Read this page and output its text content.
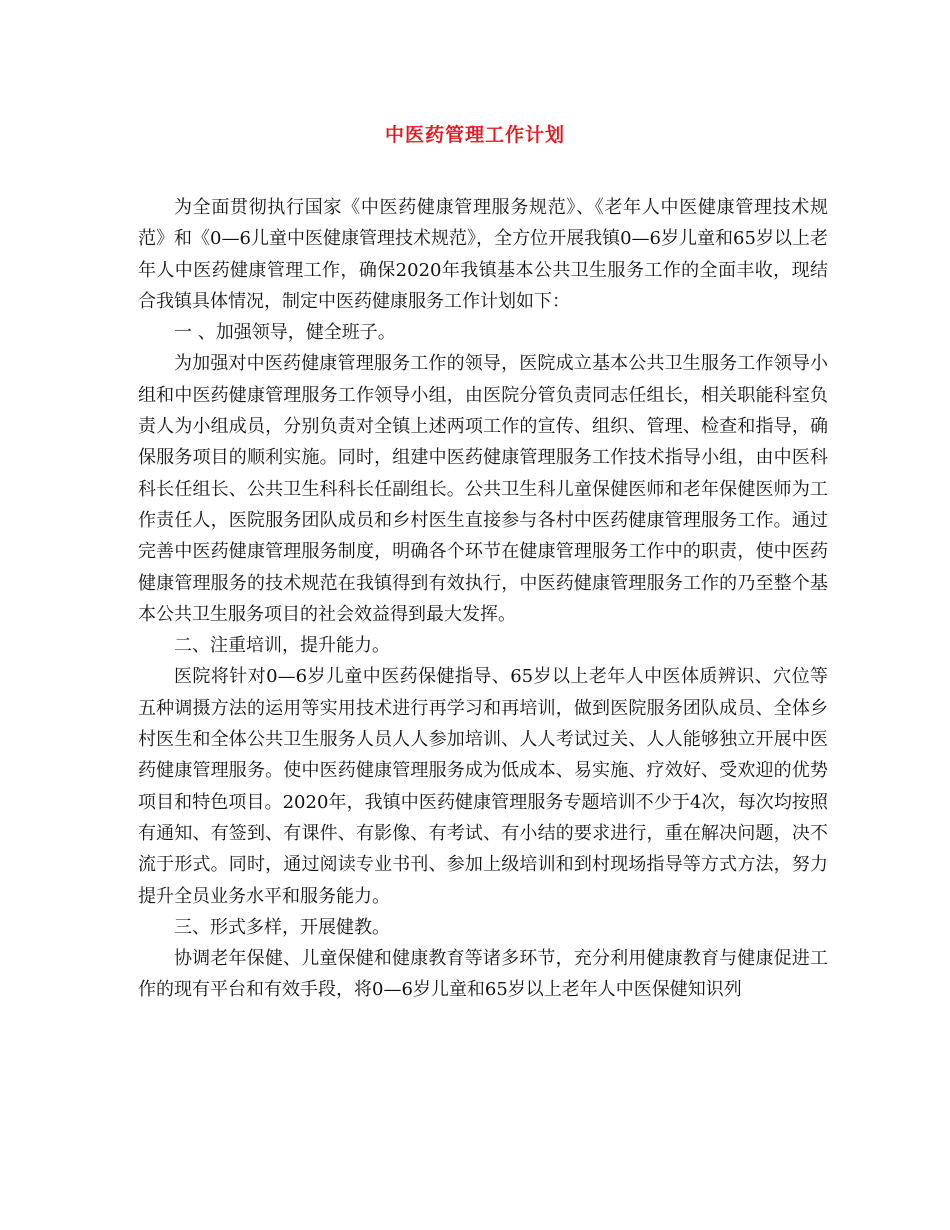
中医药管理工作计划

为全面贯彻执行国家《中医药健康管理服务规范》、《老年人中医健康管理技术规范》和《0—6儿童中医健康管理技术规范》，全方位开展我镇0—6岁儿童和65岁以上老年人中医药健康管理工作，确保2020年我镇基本公共卫生服务工作的全面丰收，现结合我镇具体情况，制定中医药健康服务工作计划如下：

一 、加强领导，健全班子。

为加强对中医药健康管理服务工作的领导，医院成立基本公共卫生服务工作领导小组和中医药健康管理服务工作领导小组，由医院分管负责同志任组长，相关职能科室负责人为小组成员，分别负责对全镇上述两项工作的宣传、组织、管理、检查和指导，确保服务项目的顺利实施。同时，组建中医药健康管理服务工作技术指导小组，由中医科科长任组长、公共卫生科科长任副组长。公共卫生科儿童保健医师和老年保健医师为工作责任人，医院服务团队成员和乡村医生直接参与各村中医药健康管理服务工作。通过完善中医药健康管理服务制度，明确各个环节在健康管理服务工作中的职责，使中医药健康管理服务的技术规范在我镇得到有效执行，中医药健康管理服务工作的乃至整个基本公共卫生服务项目的社会效益得到最大发挥。

二、注重培训，提升能力。

医院将针对0—6岁儿童中医药保健指导、65岁以上老年人中医体质辨识、穴位等五种调摄方法的运用等实用技术进行再学习和再培训，做到医院服务团队成员、全体乡村医生和全体公共卫生服务人员人人参加培训、人人考试过关、人人能够独立开展中医药健康管理服务。使中医药健康管理服务成为低成本、易实施、疗效好、受欢迎的优势项目和特色项目。2020年，我镇中医药健康管理服务专题培训不少于4次，每次均按照有通知、有签到、有课件、有影像、有考试、有小结的要求进行，重在解决问题，决不流于形式。同时，通过阅读专业书刊、参加上级培训和到村现场指导等方式方法，努力提升全员业务水平和服务能力。

三、形式多样，开展健教。

协调老年保健、儿童保健和健康教育等诸多环节，充分利用健康教育与健康促进工作的现有平台和有效手段，将0—6岁儿童和65岁以上老年人中医保健知识列
